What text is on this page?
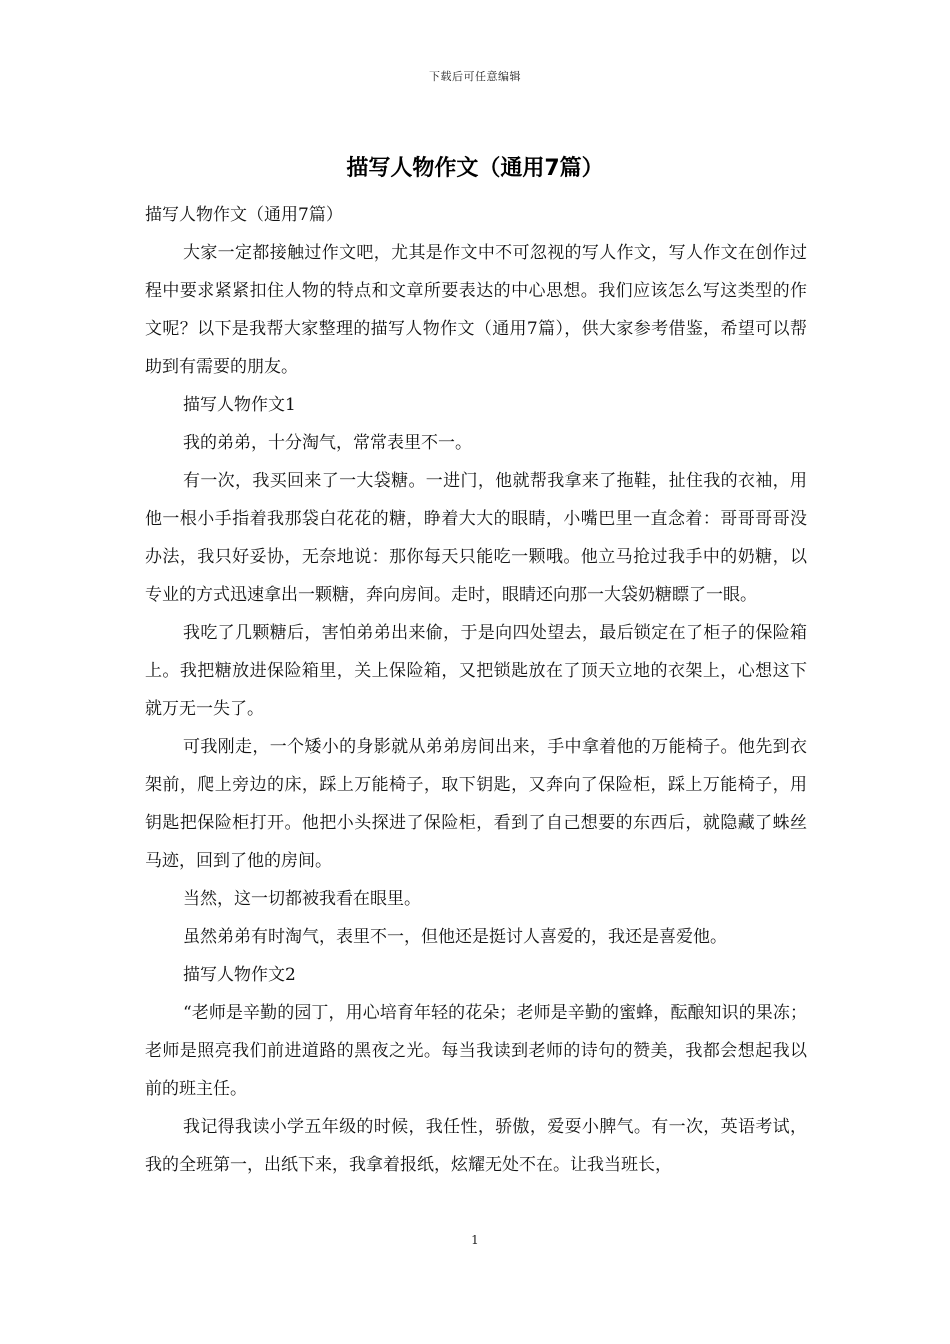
下载后可任意编辑
描写人物作文（通用7篇）

描写人物作文（通用7篇）

大家一定都接触过作文吧，尤其是作文中不可忽视的写人作文，写人作文在创作过程中要求紧紧扣住人物的特点和文章所要表达的中心思想。我们应该怎么写这类型的作文呢？以下是我帮大家整理的描写人物作文（通用7篇），供大家参考借鉴，希望可以帮助到有需要的朋友。

描写人物作文1

我的弟弟，十分淘气，常常表里不一。

有一次，我买回来了一大袋糖。一进门，他就帮我拿来了拖鞋，扯住我的衣袖，用他一根小手指着我那袋白花花的糖，睁着大大的眼睛，小嘴巴里一直念着：哥哥哥哥没办法，我只好妥协，无奈地说：那你每天只能吃一颗哦。他立马抢过我手中的奶糖，以专业的方式迅速拿出一颗糖，奔向房间。走时，眼睛还向那一大袋奶糖瞟了一眼。

我吃了几颗糖后，害怕弟弟出来偷，于是向四处望去，最后锁定在了柜子的保险箱上。我把糖放进保险箱里，关上保险箱，又把锁匙放在了顶天立地的衣架上，心想这下就万无一失了。

可我刚走，一个矮小的身影就从弟弟房间出来，手中拿着他的万能椅子。他先到衣架前，爬上旁边的床，踩上万能椅子，取下钥匙，又奔向了保险柜，踩上万能椅子，用钥匙把保险柜打开。他把小头探进了保险柜，看到了自己想要的东西后，就隐藏了蛛丝马迹，回到了他的房间。

当然，这一切都被我看在眼里。

虽然弟弟有时淘气，表里不一，但他还是挺讨人喜爱的，我还是喜爱他。

描写人物作文2

“老师是辛勤的园丁，用心培育年轻的花朵；老师是辛勤的蜜蜂，酝酿知识的果冻；老师是照亮我们前进道路的黑夜之光。每当我读到老师的诗句的赞美，我都会想起我以前的班主任。

我记得我读小学五年级的时候，我任性，骄傲，爱耍小脾气。有一次，英语考试，我的全班第一，出纸下来，我拿着报纸，炫耀无处不在。让我当班长，

1
